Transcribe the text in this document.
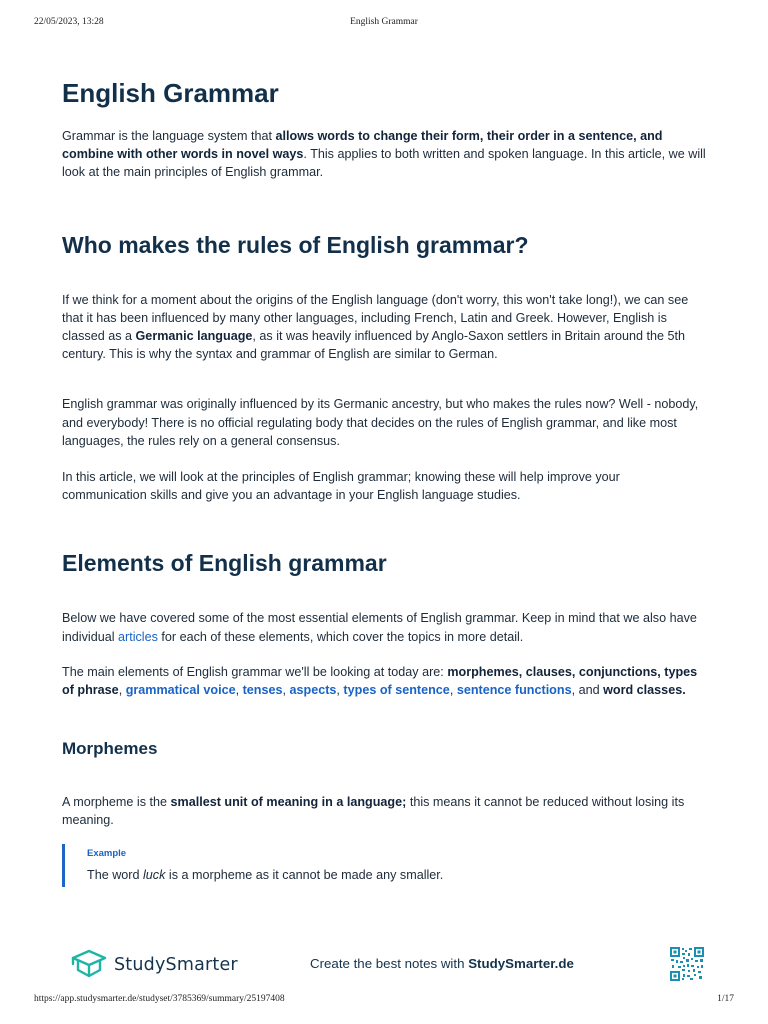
22/05/2023, 13:28	English Grammar
English Grammar

Grammar is the language system that allows words to change their form, their order in a sentence, and combine with other words in novel ways. This applies to both written and spoken language. In this article, we will look at the main principles of English grammar.

Who makes the rules of English grammar?

If we think for a moment about the origins of the English language (don't worry, this won't take long!), we can see that it has been influenced by many other languages, including French, Latin and Greek. However, English is classed as a Germanic language, as it was heavily influenced by Anglo-Saxon settlers in Britain around the 5th century. This is why the syntax and grammar of English are similar to German.

English grammar was originally influenced by its Germanic ancestry, but who makes the rules now? Well - nobody, and everybody! There is no official regulating body that decides on the rules of English grammar, and like most languages, the rules rely on a general consensus.

In this article, we will look at the principles of English grammar; knowing these will help improve your communication skills and give you an advantage in your English language studies.

Elements of English grammar

Below we have covered some of the most essential elements of English grammar. Keep in mind that we also have individual articles for each of these elements, which cover the topics in more detail.

The main elements of English grammar we'll be looking at today are: morphemes, clauses, conjunctions, types of phrase, grammatical voice, tenses, aspects, types of sentence, sentence functions, and word classes.

Morphemes

A morpheme is the smallest unit of meaning in a language; this means it cannot be reduced without losing its meaning.

Example
The word luck is a morpheme as it cannot be made any smaller.
StudySmarter	Create the best notes with StudySmarter.de
https://app.studysmarter.de/studyset/3785369/summary/25197408	1/17
